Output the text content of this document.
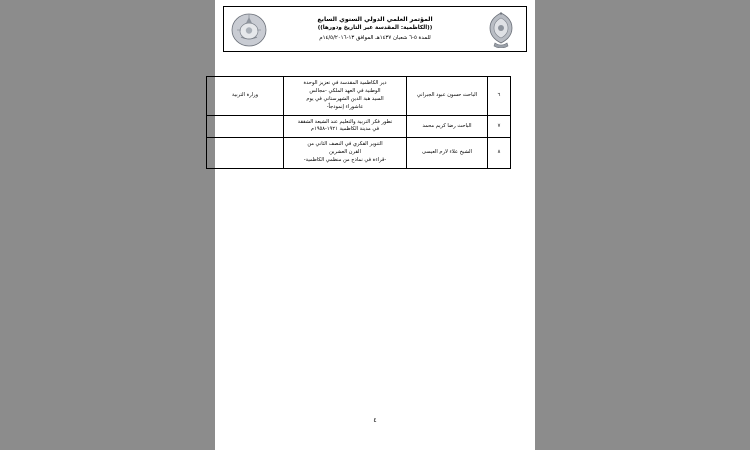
المؤتمر العلمي الدولي السنوي السابع
((الكاظمية: المقدسة عبر التاريخ ودورها))
للمدة ٥-٦ شعبان ١٤٣٧هـ الموافق ١٣-١٤/٥/٢٠١٦م
٦	الباحث حسون عبود الجبراني	دير الكاظمية المقدسة في تعزيز الوحدة
الوطنية في العهد الملكي -مجالس
السيد هبة الدين الشهرستاني في يوم
عاشوراء إنموذجاً-	وزارة التربية
٧	الباحث رضا كريم محمد	تطور فكر التربية والتعليم عند الشيعة الشققة
في مدينة الكاظمية ١٩٢١-١٩٥٨م	

٨	الشيخ علاء لازم العيسى	التنوير الفكري في النصف الثاني من
القرن العشرين
-قراءة في نماذج من منظمي الكاظمية-	

٤
